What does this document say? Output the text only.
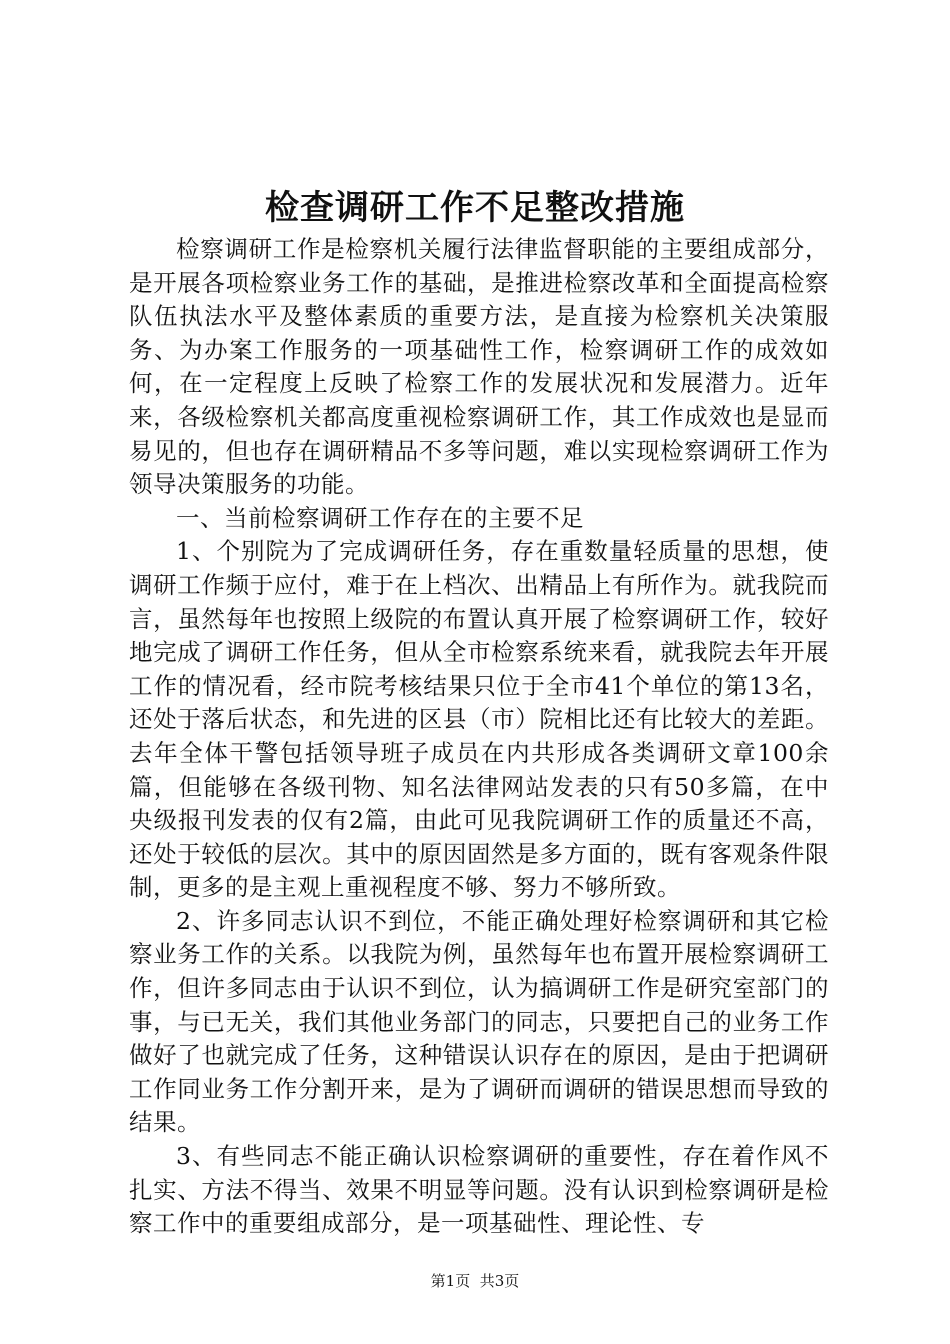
检查调研工作不足整改措施

检察调研工作是检察机关履行法律监督职能的主要组成部分，是开展各项检察业务工作的基础，是推进检察改革和全面提高检察队伍执法水平及整体素质的重要方法，是直接为检察机关决策服务、为办案工作服务的一项基础性工作，检察调研工作的成效如何，在一定程度上反映了检察工作的发展状况和发展潜力。近年来，各级检察机关都高度重视检察调研工作，其工作成效也是显而易见的，但也存在调研精品不多等问题，难以实现检察调研工作为领导决策服务的功能。

一、当前检察调研工作存在的主要不足

1、个别院为了完成调研任务，存在重数量轻质量的思想，使调研工作频于应付，难于在上档次、出精品上有所作为。就我院而言，虽然每年也按照上级院的布置认真开展了检察调研工作，较好地完成了调研工作任务，但从全市检察系统来看，就我院去年开展工作的情况看，经市院考核结果只位于全市41个单位的第13名，还处于落后状态，和先进的区县（市）院相比还有比较大的差距。去年全体干警包括领导班子成员在内共形成各类调研文章100余篇，但能够在各级刊物、知名法律网站发表的只有50多篇，在中央级报刊发表的仅有2篇，由此可见我院调研工作的质量还不高，还处于较低的层次。其中的原因固然是多方面的，既有客观条件限制，更多的是主观上重视程度不够、努力不够所致。

2、许多同志认识不到位，不能正确处理好检察调研和其它检察业务工作的关系。以我院为例，虽然每年也布置开展检察调研工作，但许多同志由于认识不到位，认为搞调研工作是研究室部门的事，与已无关，我们其他业务部门的同志，只要把自己的业务工作做好了也就完成了任务，这种错误认识存在的原因，是由于把调研工作同业务工作分割开来，是为了调研而调研的错误思想而导致的结果。

3、有些同志不能正确认识检察调研的重要性，存在着作风不扎实、方法不得当、效果不明显等问题。没有认识到检察调研是检察工作中的重要组成部分，是一项基础性、理论性、专

第1页 共3页
